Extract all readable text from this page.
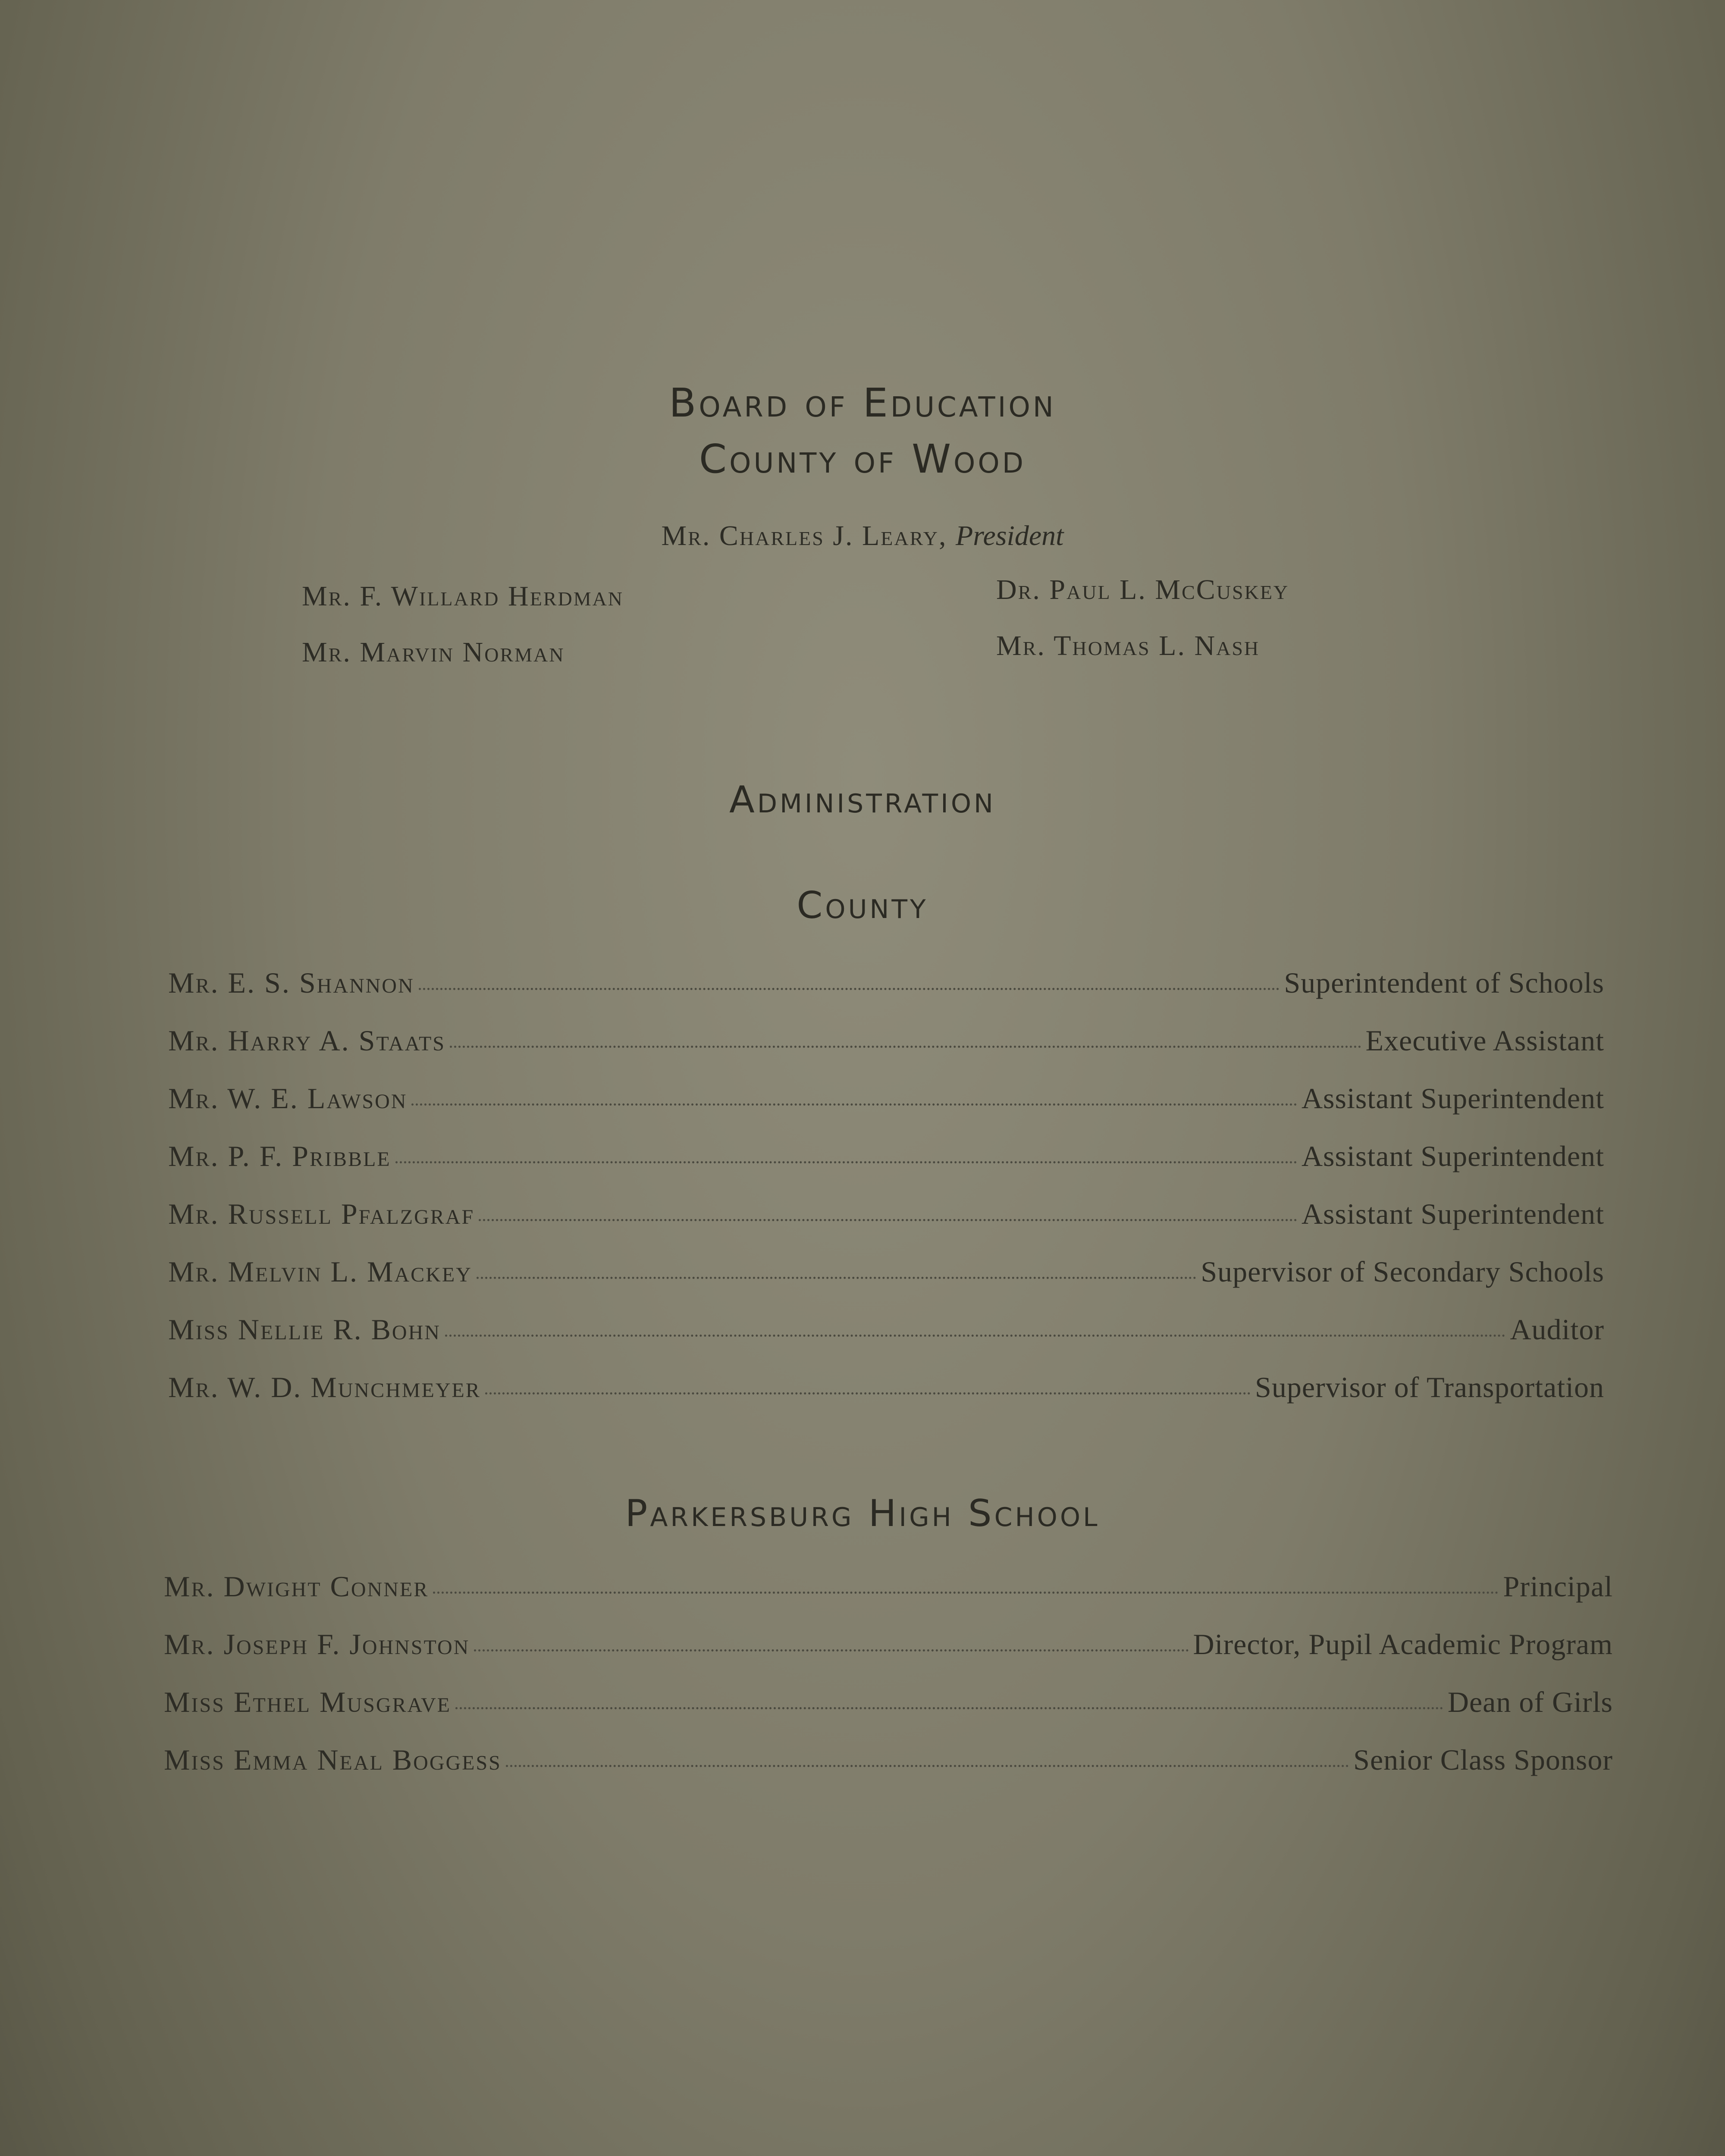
Board of Education
County of Wood
Mr. Charles J. Leary, President
Mr. F. Willard Herdman	Dr. Paul L. McCuskey
Mr. Marvin Norman	Mr. Thomas L. Nash
Administration
County
Mr. E. S. Shannon	Superintendent of Schools
Mr. Harry A. Staats	Executive Assistant
Mr. W. E. Lawson	Assistant Superintendent
Mr. P. F. Pribble	Assistant Superintendent
Mr. Russell Pfalzgraf	Assistant Superintendent
Mr. Melvin L. Mackey	Supervisor of Secondary Schools
Miss Nellie R. Bohn	Auditor
Mr. W. D. Munchmeyer	Supervisor of Transportation
Parkersburg High School
Mr. Dwight Conner	Principal
Mr. Joseph F. Johnston	Director, Pupil Academic Program
Miss Ethel Musgrave	Dean of Girls
Miss Emma Neal Boggess	Senior Class Sponsor
